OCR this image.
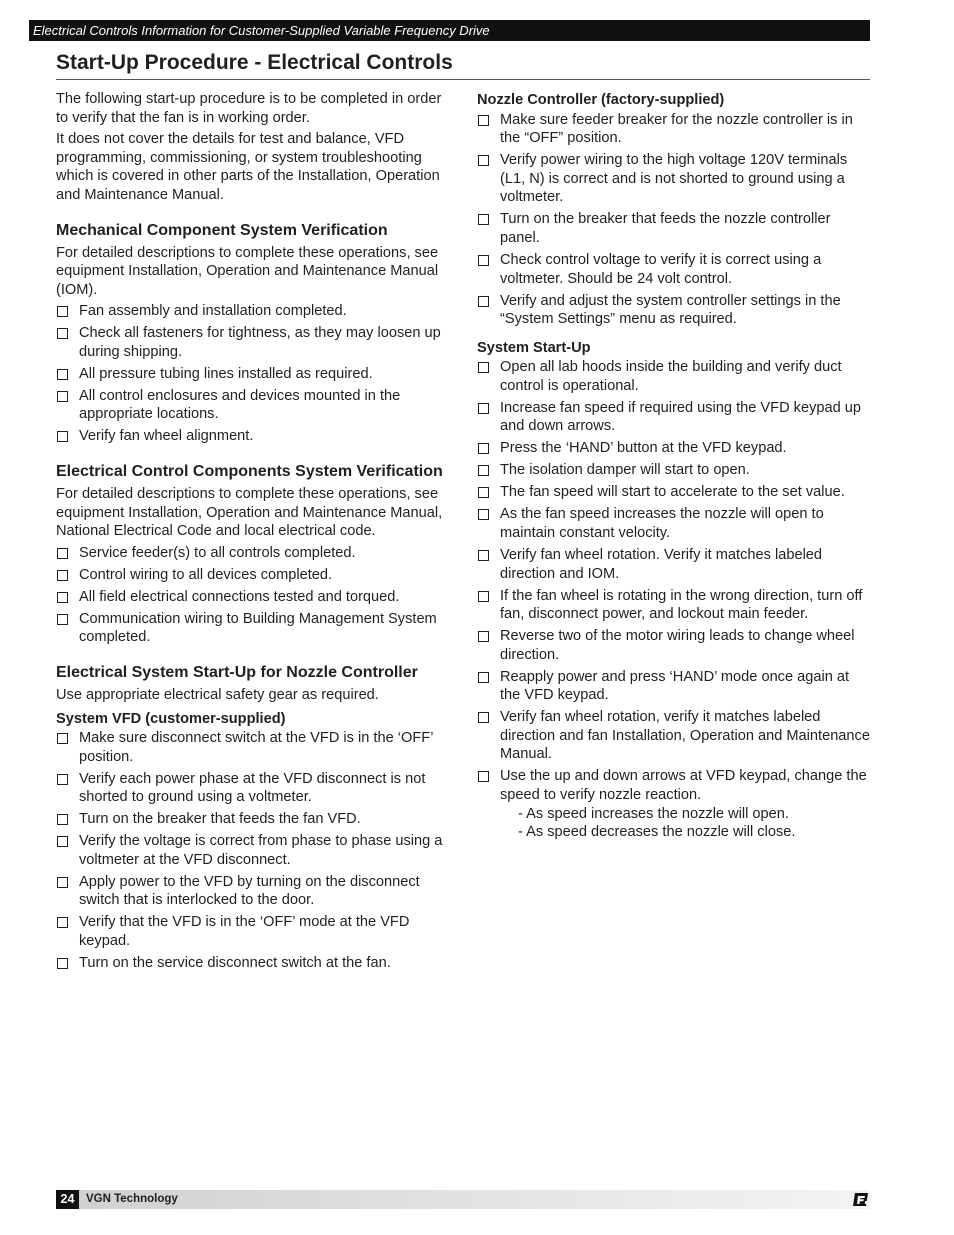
Electrical Controls Information for Customer-Supplied Variable Frequency Drive
Start-Up Procedure - Electrical Controls

The following start-up procedure is to be completed in order to verify that the fan is in working order.

It does not cover the details for test and balance, VFD programming, commissioning, or system troubleshooting which is covered in other parts of the Installation, Operation and Maintenance Manual.

Mechanical Component System Verification

For detailed descriptions to complete these operations, see equipment Installation, Operation and Maintenance Manual (IOM).

Fan assembly and installation completed.
Check all fasteners for tightness, as they may loosen up during shipping.
All pressure tubing lines installed as required.
All control enclosures and devices mounted in the appropriate locations.
Verify fan wheel alignment.
Electrical Control Components System Verification

For detailed descriptions to complete these operations, see equipment Installation, Operation and Maintenance Manual, National Electrical Code and local electrical code.

Service feeder(s) to all controls completed.
Control wiring to all devices completed.
All field electrical connections tested and torqued.
Communication wiring to Building Management System completed.
Electrical System Start-Up for Nozzle Controller

Use appropriate electrical safety gear as required.

System VFD (customer-supplied)
Make sure disconnect switch at the VFD is in the ‘OFF’ position.
Verify each power phase at the VFD disconnect is not shorted to ground using a voltmeter.
Turn on the breaker that feeds the fan VFD.
Verify the voltage is correct from phase to phase using a voltmeter at the VFD disconnect.
Apply power to the VFD by turning on the disconnect switch that is interlocked to the door.
Verify that the VFD is in the ‘OFF’ mode at the VFD keypad.
Turn on the service disconnect switch at the fan.
Nozzle Controller (factory-supplied)
Make sure feeder breaker for the nozzle controller is in the “OFF” position.
Verify power wiring to the high voltage 120V terminals (L1, N) is correct and is not shorted to ground using a voltmeter.
Turn on the breaker that feeds the nozzle controller panel.
Check control voltage to verify it is correct using a voltmeter. Should be 24 volt control.
Verify and adjust the system controller settings in the “System Settings” menu as required.
System Start-Up
Open all lab hoods inside the building and verify duct control is operational.
Increase fan speed if required using the VFD keypad up and down arrows.
Press the ‘HAND’ button at the VFD keypad.
The isolation damper will start to open.
The fan speed will start to accelerate to the set value.
As the fan speed increases the nozzle will open to maintain constant velocity.
Verify fan wheel rotation. Verify it matches labeled direction and IOM.
If the fan wheel is rotating in the wrong direction, turn off fan, disconnect power, and lockout main feeder.
Reverse two of the motor wiring leads to change wheel direction.
Reapply power and press ‘HAND’ mode once again at the VFD keypad.
Verify fan wheel rotation, verify it matches labeled direction and fan Installation, Operation and Maintenance Manual.
Use the up and down arrows at VFD keypad, change the speed to verify nozzle reaction.
- As speed increases the nozzle will open.
- As speed decreases the nozzle will close.
24	VGN Technology
